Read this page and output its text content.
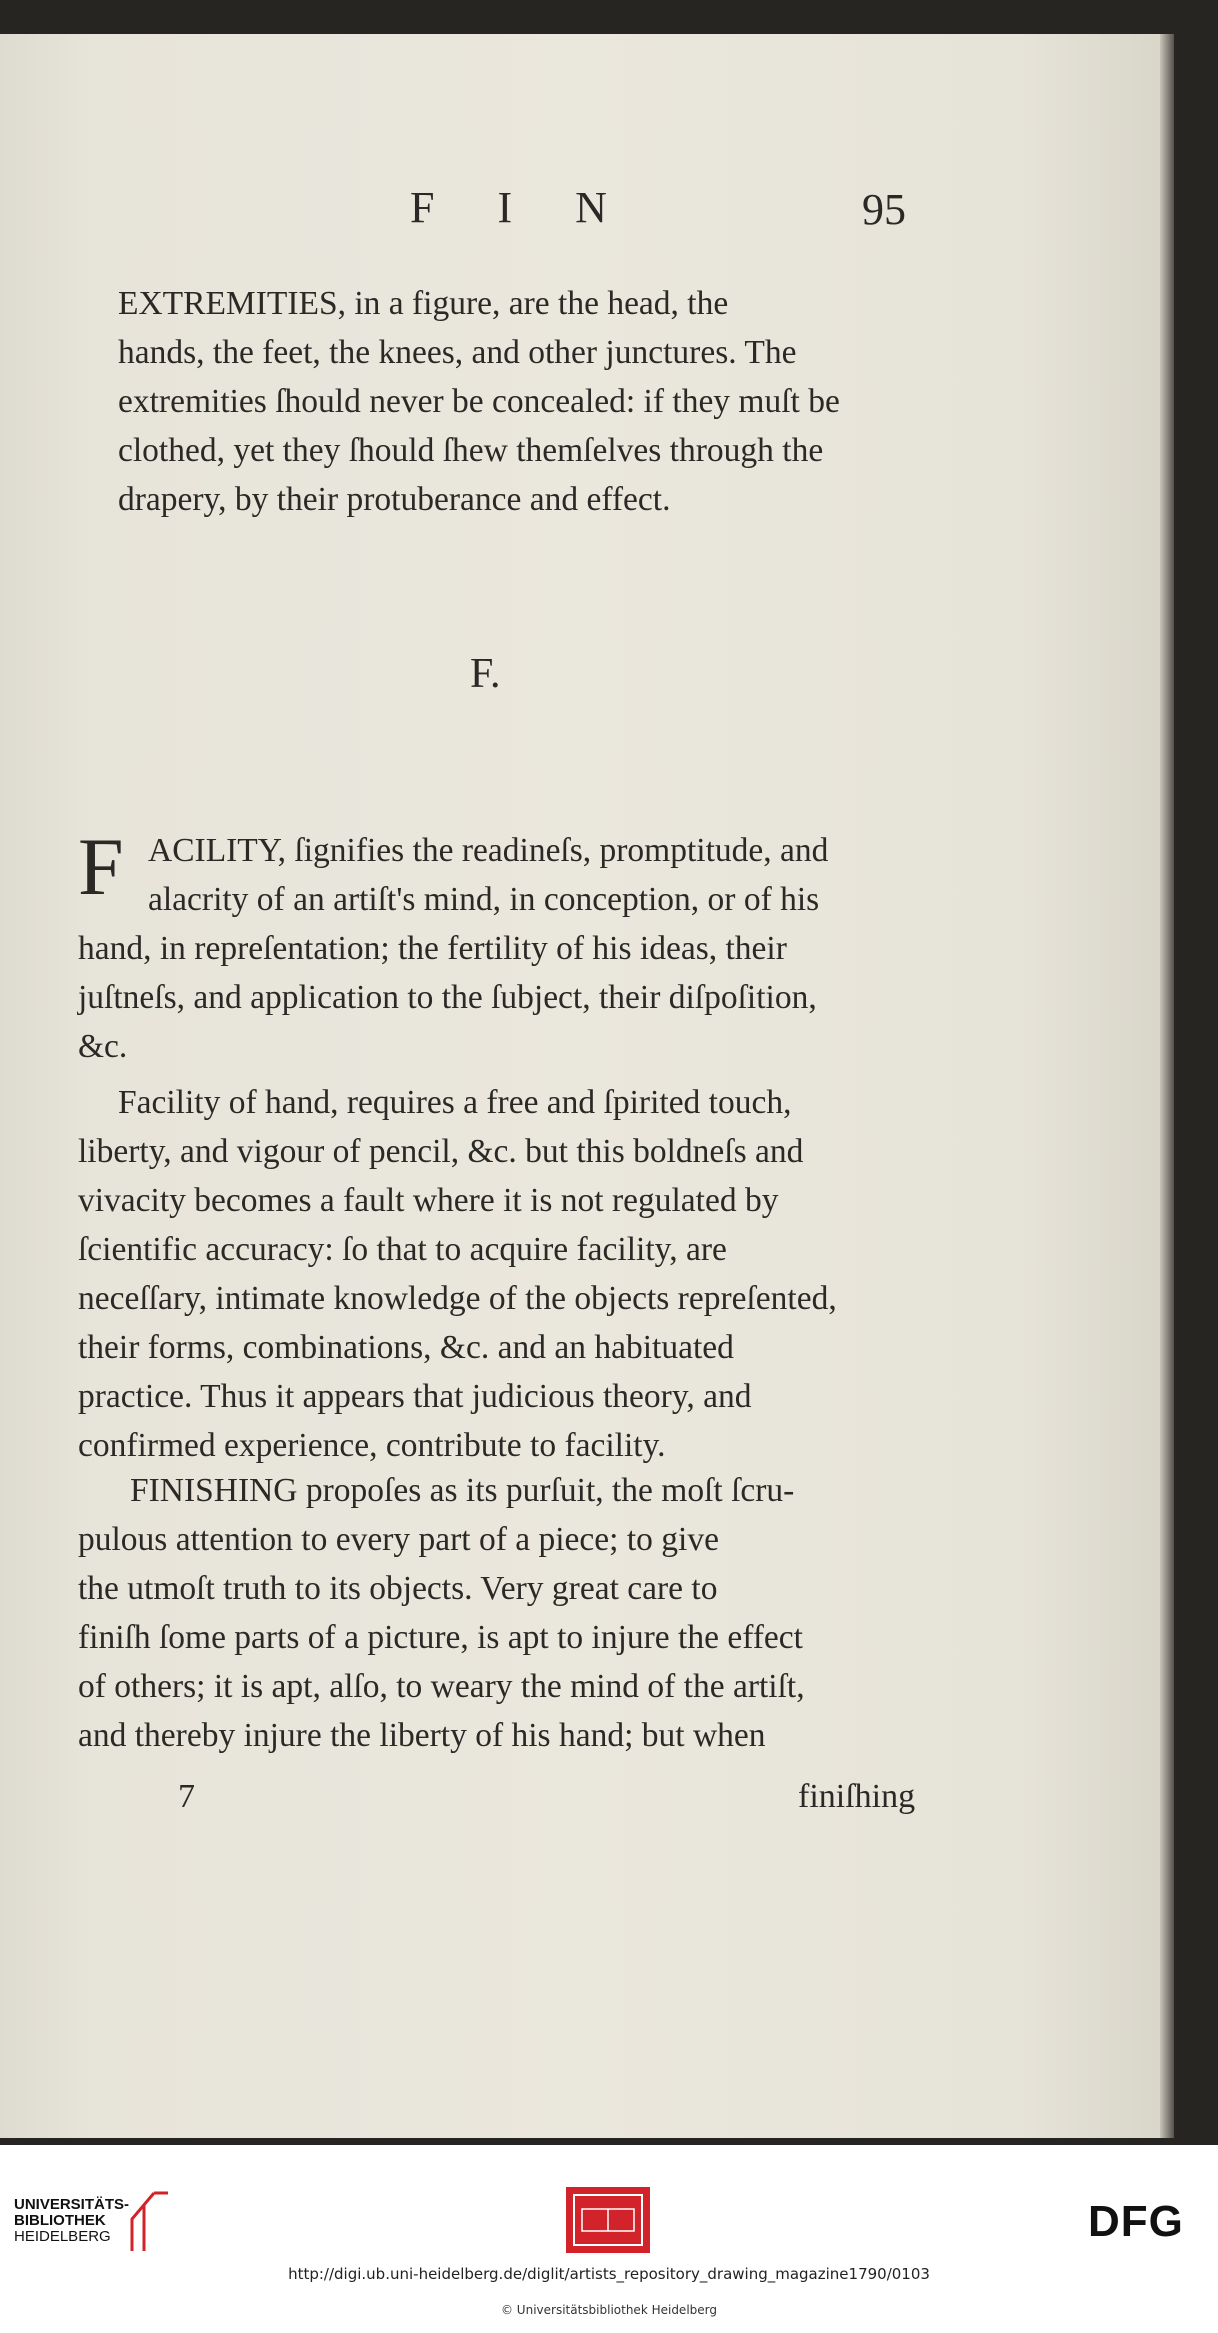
F I N	95
EXTREMITIES, in a figure, are the head, the
hands, the feet, the knees, and other junctures. The
extremities ſhould never be concealed: if they muſt be
clothed, yet they ſhould ſhew themſelves through the
drapery, by their protuberance and effect.
F.
F ACILITY, ſignifies the readineſs, promptitude, and
alacrity of an artiſt's mind, in conception, or of his
hand, in repreſentation; the fertility of his ideas, their
juſtneſs, and application to the ſubject, their diſpoſition,
&c.
Facility of hand, requires a free and ſpirited touch,
liberty, and vigour of pencil, &c. but this boldneſs and
vivacity becomes a fault where it is not regulated by
ſcientific accuracy: ſo that to acquire facility, are
neceſſary, intimate knowledge of the objects repreſented,
their forms, combinations, &c. and an habituated
practice. Thus it appears that judicious theory, and
confirmed experience, contribute to facility.
FINISHING propoſes as its purſuit, the moſt ſcru-
pulous attention to every part of a piece; to give
the utmoſt truth to its objects. Very great care to
finiſh ſome parts of a picture, is apt to injure the effect
of others; it is apt, alſo, to weary the mind of the artiſt,
and thereby injure the liberty of his hand; but when
7	finiſhing
UNIVERSITÄTS-
BIBLIOTHEK
HEIDELBERG	DFG
http://digi.ub.uni-heidelberg.de/diglit/artists_repository_drawing_magazine1790/0103
© Universitätsbibliothek Heidelberg
